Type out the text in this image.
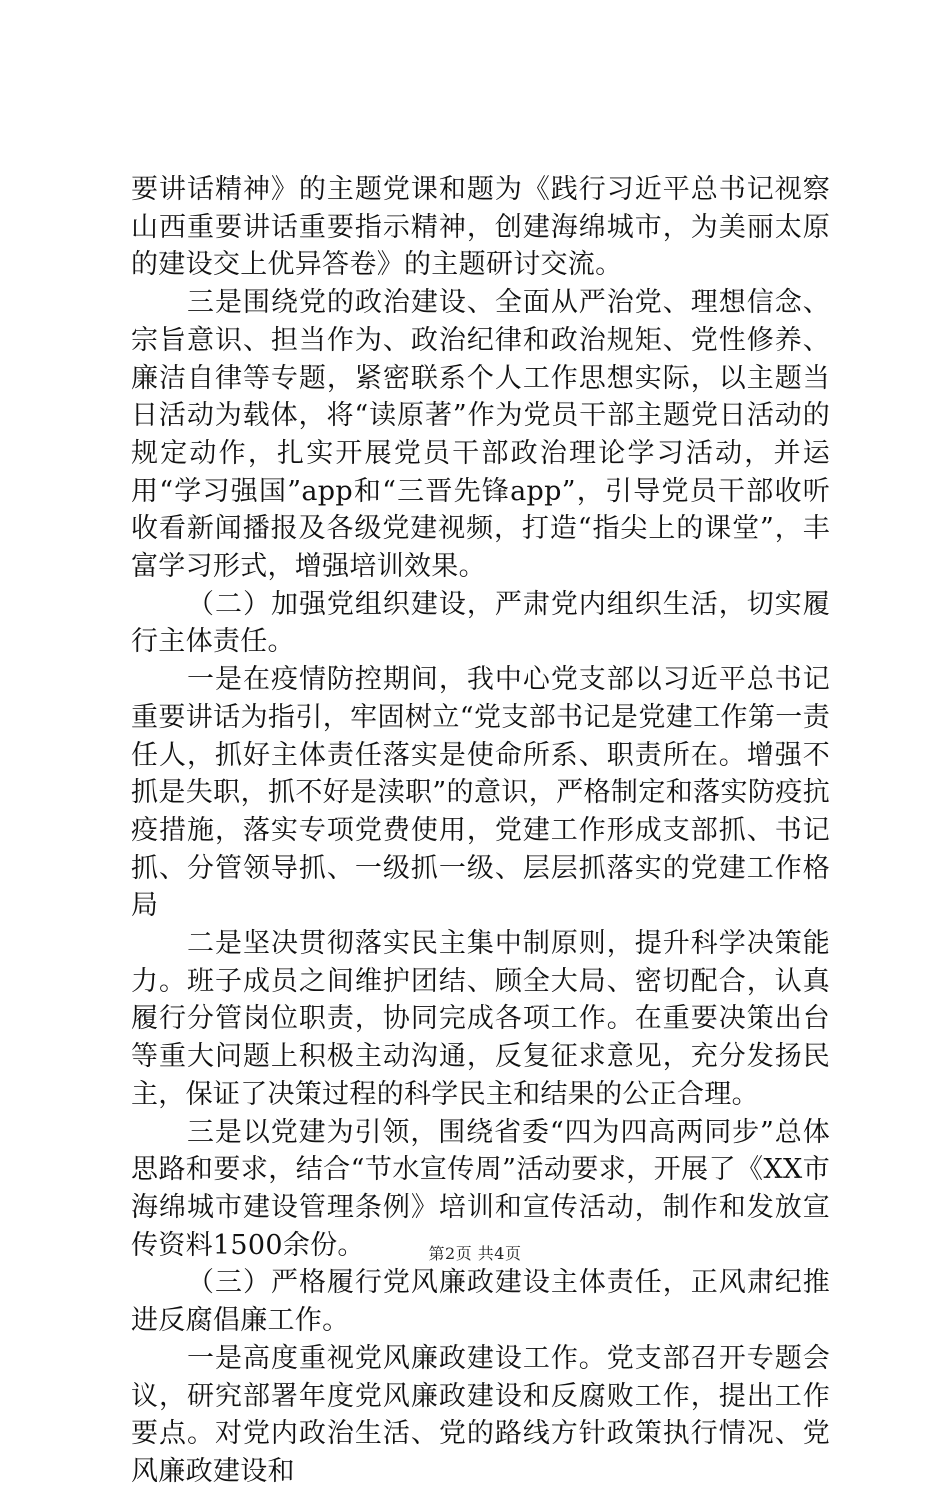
要讲话精神》的主题党课和题为《践行习近平总书记视察山西重要讲话重要指示精神，创建海绵城市，为美丽太原的建设交上优异答卷》的主题研讨交流。

三是围绕党的政治建设、全面从严治党、理想信念、宗旨意识、担当作为、政治纪律和政治规矩、党性修养、廉洁自律等专题，紧密联系个人工作思想实际，以主题当日活动为载体，将“读原著”作为党员干部主题党日活动的规定动作，扎实开展党员干部政治理论学习活动，并运用“学习强国”app和“三晋先锋app”，引导党员干部收听收看新闻播报及各级党建视频，打造“指尖上的课堂”，丰富学习形式，增强培训效果。

（二）加强党组织建设，严肃党内组织生活，切实履行主体责任。

一是在疫情防控期间，我中心党支部以习近平总书记重要讲话为指引，牢固树立“党支部书记是党建工作第一责任人，抓好主体责任落实是使命所系、职责所在。增强不抓是失职，抓不好是渎职”的意识，严格制定和落实防疫抗疫措施，落实专项党费使用，党建工作形成支部抓、书记抓、分管领导抓、一级抓一级、层层抓落实的党建工作格局

二是坚决贯彻落实民主集中制原则，提升科学决策能力。班子成员之间维护团结、顾全大局、密切配合，认真履行分管岗位职责，协同完成各项工作。在重要决策出台等重大问题上积极主动沟通，反复征求意见，充分发扬民主，保证了决策过程的科学民主和结果的公正合理。

三是以党建为引领，围绕省委“四为四高两同步”总体思路和要求，结合“节水宣传周”活动要求，开展了《XX市海绵城市建设管理条例》培训和宣传活动，制作和发放宣传资料1500余份。

（三）严格履行党风廉政建设主体责任，正风肃纪推进反腐倡廉工作。

一是高度重视党风廉政建设工作。党支部召开专题会议，研究部署年度党风廉政建设和反腐败工作，提出工作要点。对党内政治生活、党的路线方针政策执行情况、党风廉政建设和

第2页 共4页
